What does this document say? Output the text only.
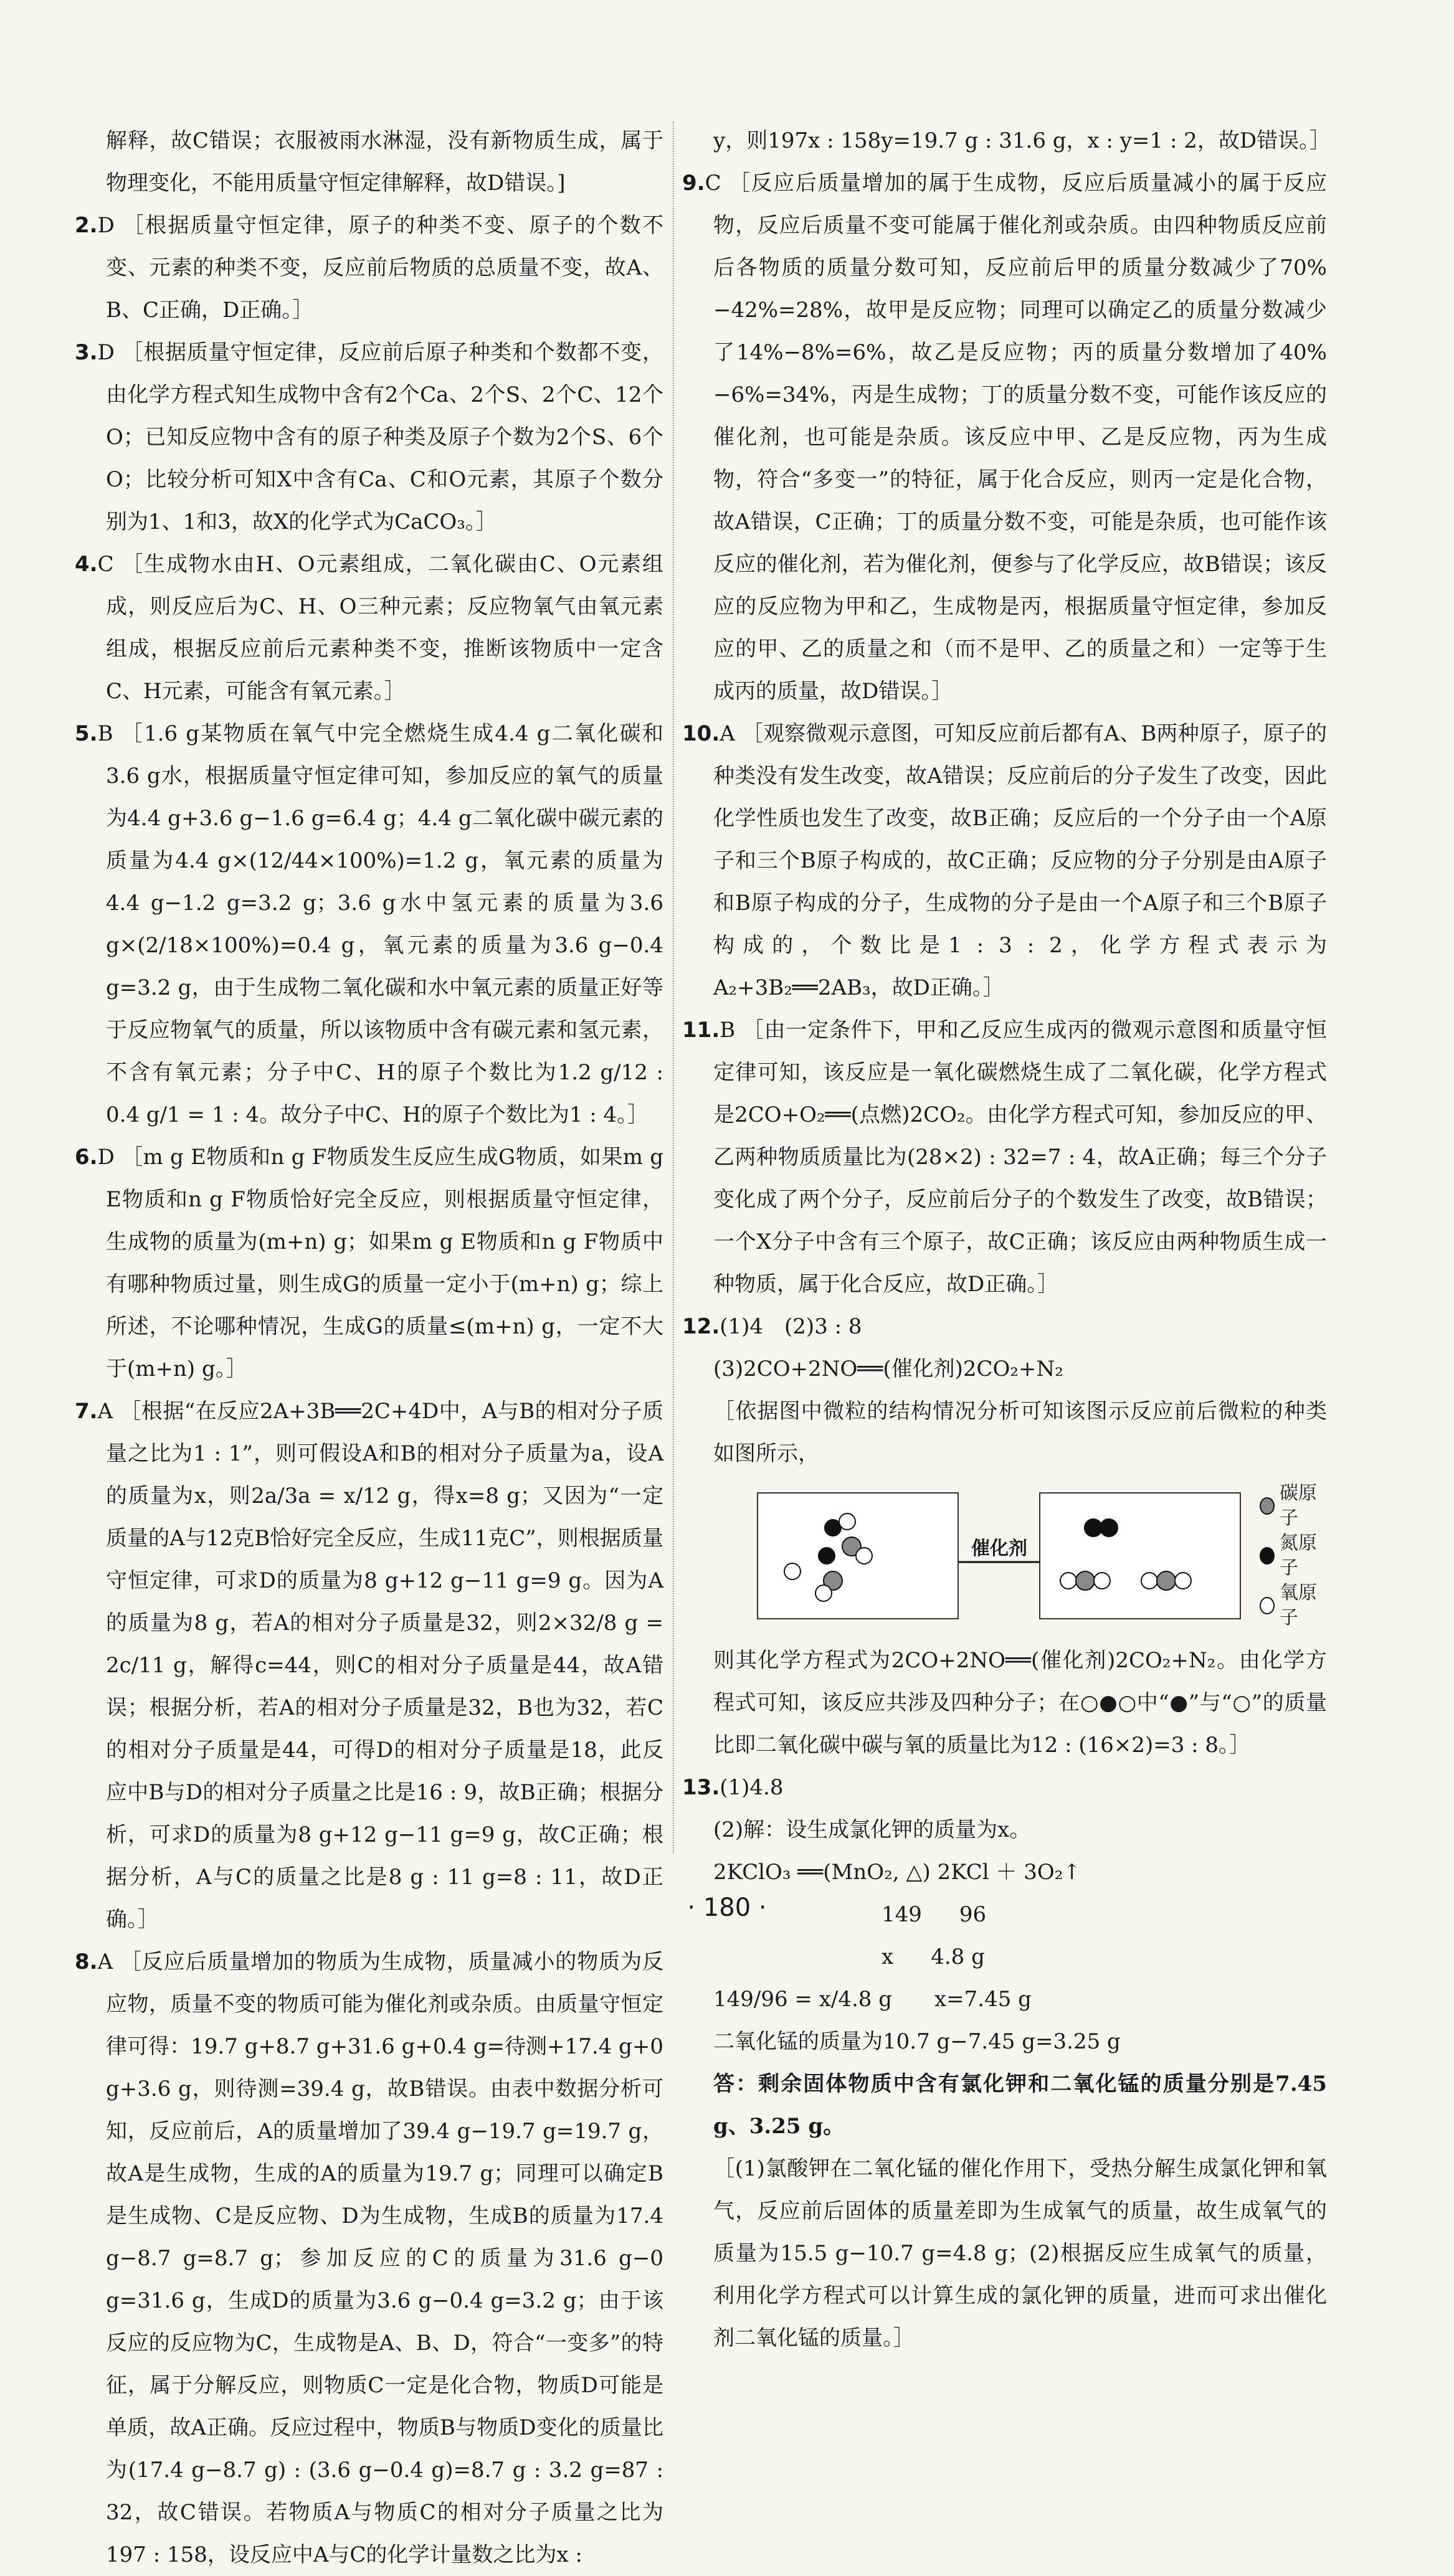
解释，故C错误；衣服被雨水淋湿，没有新物质生成，属于物理变化，不能用质量守恒定律解释，故D错误。]

2.D ［根据质量守恒定律，原子的种类不变、原子的个数不变、元素的种类不变，反应前后物质的总质量不变，故A、B、C正确，D正确。］

3.D ［根据质量守恒定律，反应前后原子种类和个数都不变，由化学方程式知生成物中含有2个Ca、2个S、2个C、12个O；已知反应物中含有的原子种类及原子个数为2个S、6个O；比较分析可知X中含有Ca、C和O元素，其原子个数分别为1、1和3，故X的化学式为CaCO₃。］

4.C ［生成物水由H、O元素组成，二氧化碳由C、O元素组成，则反应后为C、H、O三种元素；反应物氧气由氧元素组成，根据反应前后元素种类不变，推断该物质中一定含C、H元素，可能含有氧元素。］

5.B ［1.6 g某物质在氧气中完全燃烧生成4.4 g二氧化碳和3.6 g水，根据质量守恒定律可知，参加反应的氧气的质量为4.4 g+3.6 g−1.6 g=6.4 g；4.4 g二氧化碳中碳元素的质量为4.4 g×(12/44×100%)=1.2 g，氧元素的质量为4.4 g−1.2 g=3.2 g；3.6 g水中氢元素的质量为3.6 g×(2/18×100%)=0.4 g，氧元素的质量为3.6 g−0.4 g=3.2 g，由于生成物二氧化碳和水中氧元素的质量正好等于反应物氧气的质量，所以该物质中含有碳元素和氢元素，不含有氧元素；分子中C、H的原子个数比为1.2 g/12 : 0.4 g/1 = 1 : 4。故分子中C、H的原子个数比为1 : 4。］

6.D ［m g E物质和n g F物质发生反应生成G物质，如果m g E物质和n g F物质恰好完全反应，则根据质量守恒定律，生成物的质量为(m+n) g；如果m g E物质和n g F物质中有哪种物质过量，则生成G的质量一定小于(m+n) g；综上所述，不论哪种情况，生成G的质量≤(m+n) g，一定不大于(m+n) g。］

7.A ［根据“在反应2A+3B══2C+4D中，A与B的相对分子质量之比为1 : 1”，则可假设A和B的相对分子质量为a，设A的质量为x，则2a/3a = x/12 g，得x=8 g；又因为“一定质量的A与12克B恰好完全反应，生成11克C”，则根据质量守恒定律，可求D的质量为8 g+12 g−11 g=9 g。因为A的质量为8 g，若A的相对分子质量是32，则2×32/8 g = 2c/11 g，解得c=44，则C的相对分子质量是44，故A错误；根据分析，若A的相对分子质量是32，B也为32，若C的相对分子质量是44，可得D的相对分子质量是18，此反应中B与D的相对分子质量之比是16 : 9，故B正确；根据分析，可求D的质量为8 g+12 g−11 g=9 g，故C正确；根据分析，A与C的质量之比是8 g : 11 g=8 : 11，故D正确。］

8.A ［反应后质量增加的物质为生成物，质量减小的物质为反应物，质量不变的物质可能为催化剂或杂质。由质量守恒定律可得：19.7 g+8.7 g+31.6 g+0.4 g=待测+17.4 g+0 g+3.6 g，则待测=39.4 g，故B错误。由表中数据分析可知，反应前后，A的质量增加了39.4 g−19.7 g=19.7 g，故A是生成物，生成的A的质量为19.7 g；同理可以确定B是生成物、C是反应物、D为生成物，生成B的质量为17.4 g−8.7 g=8.7 g；参加反应的C的质量为31.6 g−0 g=31.6 g，生成D的质量为3.6 g−0.4 g=3.2 g；由于该反应的反应物为C，生成物是A、B、D，符合“一变多”的特征，属于分解反应，则物质C一定是化合物，物质D可能是单质，故A正确。反应过程中，物质B与物质D变化的质量比为(17.4 g−8.7 g) : (3.6 g−0.4 g)=8.7 g : 3.2 g=87 : 32，故C错误。若物质A与物质C的相对分子质量之比为197 : 158，设反应中A与C的化学计量数之比为x :

y，则197x : 158y=19.7 g : 31.6 g，x : y=1 : 2，故D错误。］

9.C ［反应后质量增加的属于生成物，反应后质量减小的属于反应物，反应后质量不变可能属于催化剂或杂质。由四种物质反应前后各物质的质量分数可知，反应前后甲的质量分数减少了70%−42%=28%，故甲是反应物；同理可以确定乙的质量分数减少了14%−8%=6%，故乙是反应物；丙的质量分数增加了40%−6%=34%，丙是生成物；丁的质量分数不变，可能作该反应的催化剂，也可能是杂质。该反应中甲、乙是反应物，丙为生成物，符合“多变一”的特征，属于化合反应，则丙一定是化合物，故A错误，C正确；丁的质量分数不变，可能是杂质，也可能作该反应的催化剂，若为催化剂，便参与了化学反应，故B错误；该反应的反应物为甲和乙，生成物是丙，根据质量守恒定律，参加反应的甲、乙的质量之和（而不是甲、乙的质量之和）一定等于生成丙的质量，故D错误。］

10.A ［观察微观示意图，可知反应前后都有A、B两种原子，原子的种类没有发生改变，故A错误；反应前后的分子发生了改变，因此化学性质也发生了改变，故B正确；反应后的一个分子由一个A原子和三个B原子构成的，故C正确；反应物的分子分别是由A原子和B原子构成的分子，生成物的分子是由一个A原子和三个B原子构成的，个数比是1 : 3 : 2，化学方程式表示为A₂+3B₂══2AB₃，故D正确。］

11.B ［由一定条件下，甲和乙反应生成丙的微观示意图和质量守恒定律可知，该反应是一氧化碳燃烧生成了二氧化碳，化学方程式是2CO+O₂══(点燃)2CO₂。由化学方程式可知，参加反应的甲、乙两种物质质量比为(28×2) : 32=7 : 4，故A正确；每三个分子变化成了两个分子，反应前后分子的个数发生了改变，故B错误；一个X分子中含有三个原子，故C正确；该反应由两种物质生成一种物质，属于化合反应，故D正确。］

12.(1)4　(2)3 : 8

(3)2CO+2NO══(催化剂)2CO₂+N₂

［依据图中微粒的结构情况分析可知该图示反应前后微粒的种类如图所示，

催化剂
碳原子
氮原子
氧原子

则其化学方程式为2CO+2NO══(催化剂)2CO₂+N₂。由化学方程式可知，该反应共涉及四种分子；在○●○中“●”与“○”的质量比即二氧化碳中碳与氧的质量比为12 : (16×2)=3 : 8。］

13.(1)4.8

(2)解：设生成氯化钾的质量为x。

2KClO₃ ══(MnO₂, △) 2KCl ＋ 3O₂↑

149 96
x 4.8 g

149/96 = x/4.8 g　　x=7.45 g

二氧化锰的质量为10.7 g−7.45 g=3.25 g

答：剩余固体物质中含有氯化钾和二氧化锰的质量分别是7.45 g、3.25 g。

［(1)氯酸钾在二氧化锰的催化作用下，受热分解生成氯化钾和氧气，反应前后固体的质量差即为生成氧气的质量，故生成氧气的质量为15.5 g−10.7 g=4.8 g；(2)根据反应生成氧气的质量，利用化学方程式可以计算生成的氯化钾的质量，进而可求出催化剂二氧化锰的质量。］

· 180 ·
